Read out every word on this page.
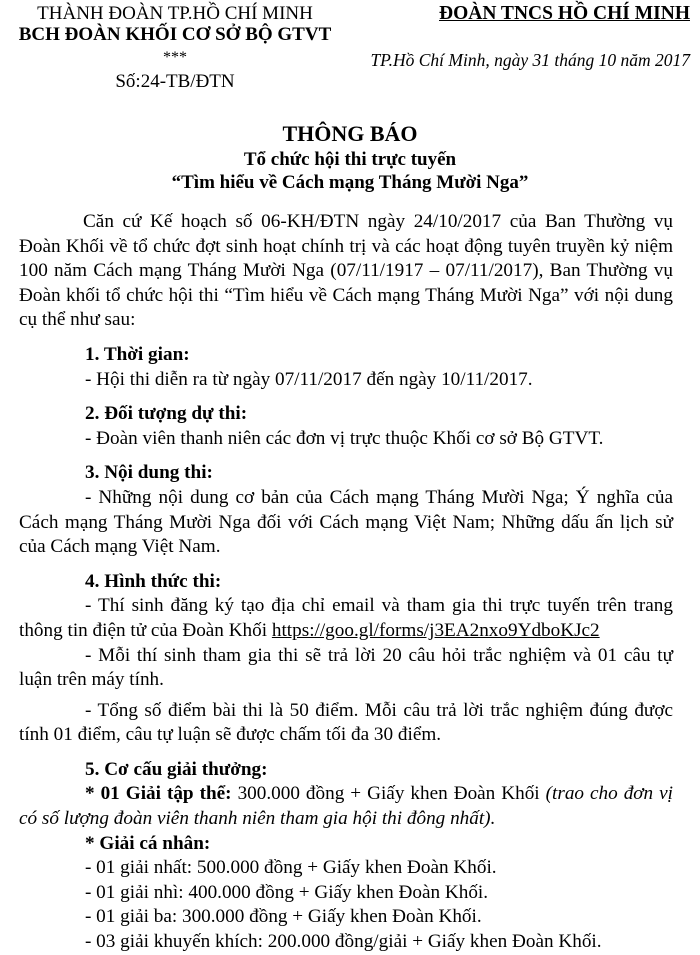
THÀNH ĐOÀN TP.HỒ CHÍ MINH
BCH ĐOÀN KHỐI CƠ SỞ BỘ GTVT
***
Số:24-TB/ĐTN
ĐOÀN TNCS HỒ CHÍ MINH
TP.Hồ Chí Minh, ngày 31 tháng 10 năm 2017
THÔNG BÁO
Tổ chức hội thi trực tuyến
“Tìm hiểu về Cách mạng Tháng Mười Nga”

Căn cứ Kế hoạch số 06-KH/ĐTN ngày 24/10/2017 của Ban Thường vụ Đoàn Khối về tổ chức đợt sinh hoạt chính trị và các hoạt động tuyên truyền kỷ niệm 100 năm Cách mạng Tháng Mười Nga (07/11/1917 – 07/11/2017), Ban Thường vụ Đoàn khối tổ chức hội thi “Tìm hiểu về Cách mạng Tháng Mười Nga” với nội dung cụ thể như sau:

1. Thời gian:

- Hội thi diễn ra từ ngày 07/11/2017 đến ngày 10/11/2017.

2. Đối tượng dự thi:

- Đoàn viên thanh niên các đơn vị trực thuộc Khối cơ sở Bộ GTVT.

3. Nội dung thi:

- Những nội dung cơ bản của Cách mạng Tháng Mười Nga; Ý nghĩa của Cách mạng Tháng Mười Nga đối với Cách mạng Việt Nam; Những dấu ấn lịch sử của Cách mạng Việt Nam.

4. Hình thức thi:

- Thí sinh đăng ký tạo địa chỉ email và tham gia thi trực tuyến trên trang thông tin điện tử của Đoàn Khối https://goo.gl/forms/j3EA2nxo9YdboKJc2

- Mỗi thí sinh tham gia thi sẽ trả lời 20 câu hỏi trắc nghiệm và 01 câu tự luận trên máy tính.

- Tổng số điểm bài thi là 50 điểm. Mỗi câu trả lời trắc nghiệm đúng được tính 01 điểm, câu tự luận sẽ được chấm tối đa 30 điểm.

5. Cơ cấu giải thưởng:

* 01 Giải tập thể: 300.000 đồng + Giấy khen Đoàn Khối (trao cho đơn vị có số lượng đoàn viên thanh niên tham gia hội thi đông nhất).

* Giải cá nhân:

- 01 giải nhất: 500.000 đồng + Giấy khen Đoàn Khối.

- 01 giải nhì: 400.000 đồng + Giấy khen Đoàn Khối.

- 01 giải ba: 300.000 đồng + Giấy khen Đoàn Khối.

- 03 giải khuyến khích: 200.000 đồng/giải + Giấy khen Đoàn Khối.
